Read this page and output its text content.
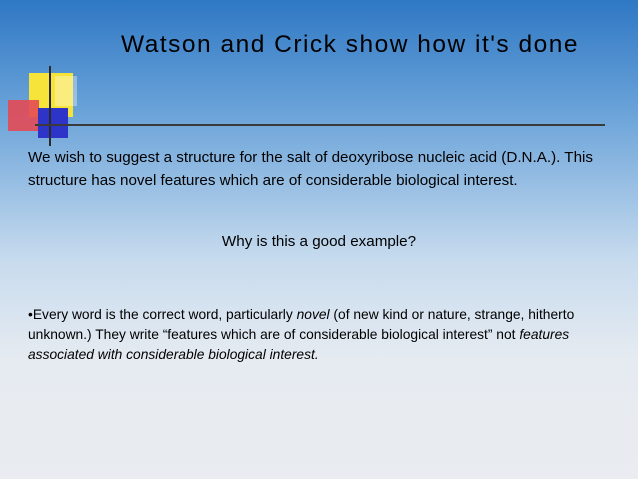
Watson and Crick show how it's done
We wish to suggest a structure for the salt of deoxyribose nucleic acid (D.N.A.). This structure has novel features which are of considerable biological interest.
Why is this a good example?
•Every word is the correct word, particularly novel (of new kind or nature, strange, hitherto unknown.) They write “features which are of considerable biological interest” not features associated with considerable biological interest.
